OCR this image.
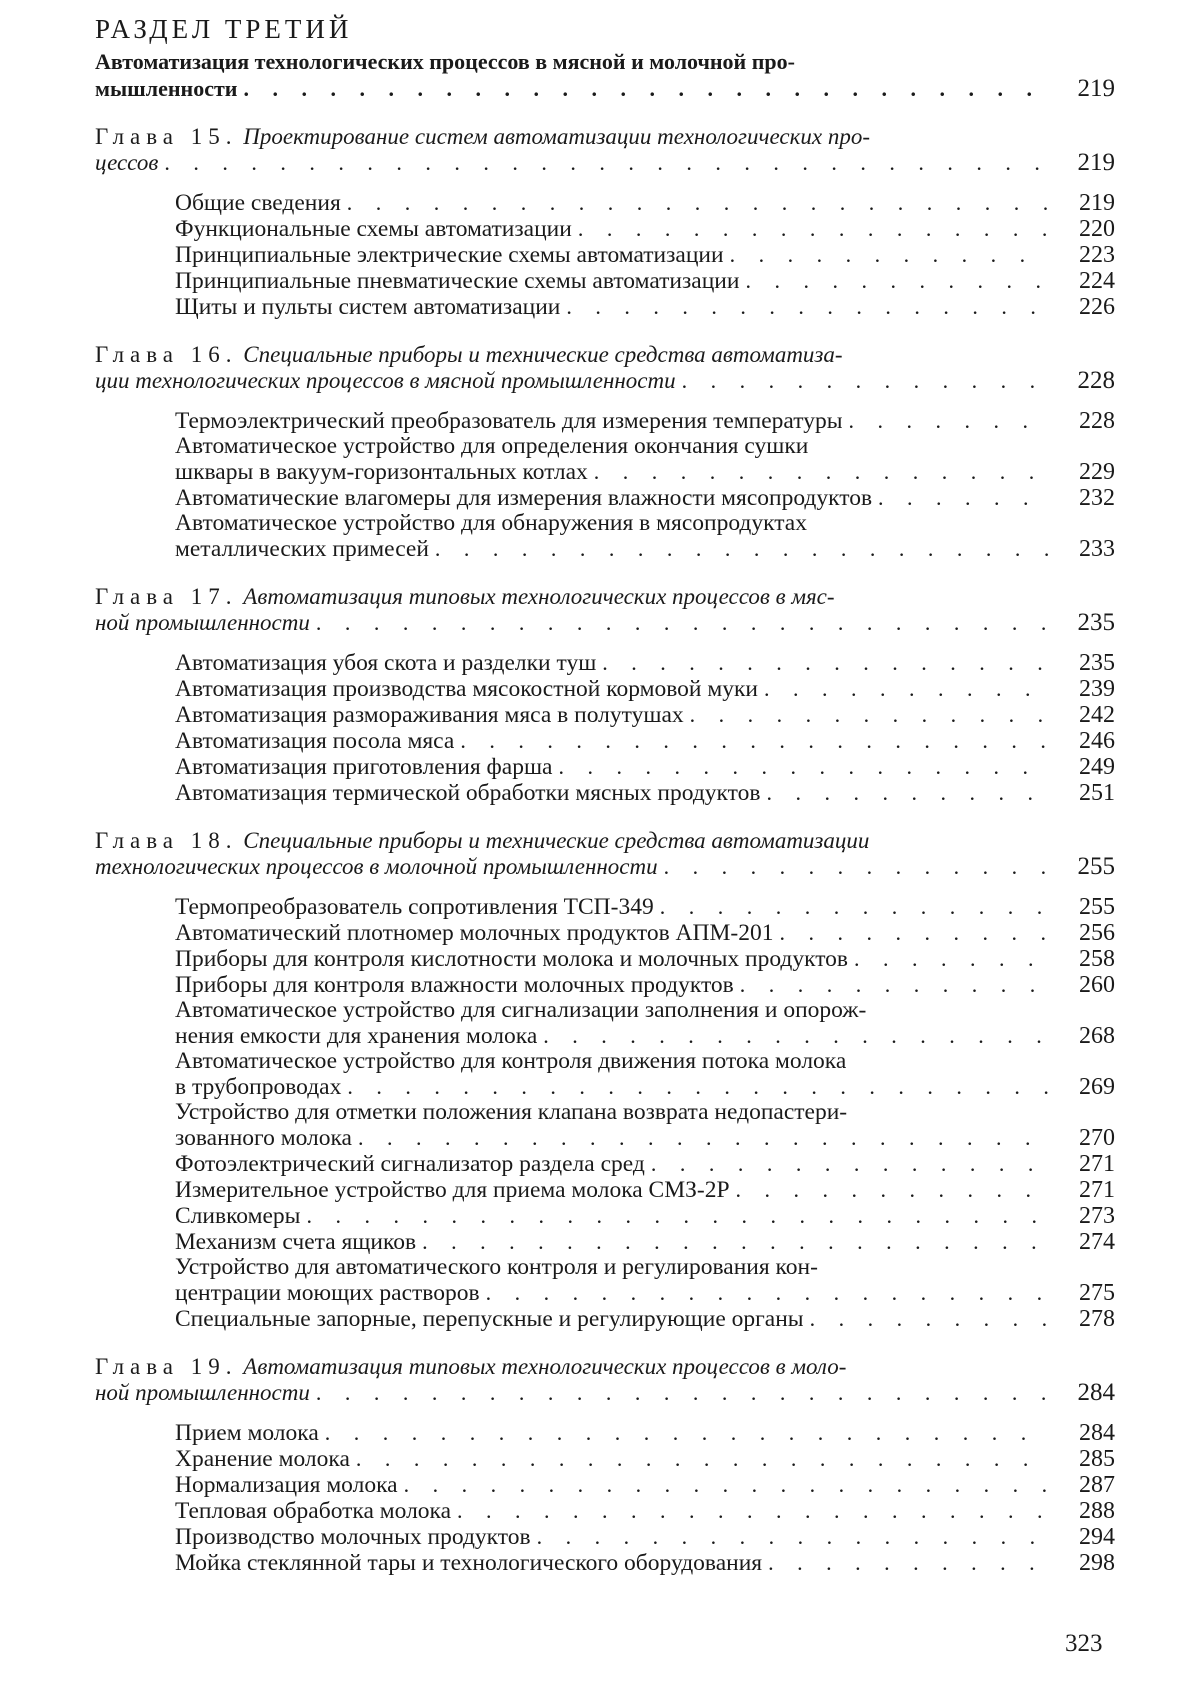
РАЗДЕЛ ТРЕТИЙ
Автоматизация технологических процессов в мясной и молочной про-
мышленности . . .	219
Глава 15. Проектирование систем автоматизации технологических про-
цессов . . .	219
Общие сведения . . .	219
Функциональные схемы автоматизации . . .	220
Принципиальные электрические схемы автоматизации . . .	223
Принципиальные пневматические схемы автоматизации . . .	224
Щиты и пульты систем автоматизации . . .	226
Глава 16. Специальные приборы и технические средства автоматиза-
ции технологических процессов в мясной промышленности . . .	228
Термоэлектрический преобразователь для измерения температуры . . .	228
Автоматическое устройство для определения окончания сушки
шквары в вакуум-горизонтальных котлах . . .	229
Автоматические влагомеры для измерения влажности мясопродуктов . . .	232
Автоматическое устройство для обнаружения в мясопродуктах
металлических примесей . . .	233
Глава 17. Автоматизация типовых технологических процессов в мяс-
ной промышленности . . .	235
Автоматизация убоя скота и разделки туш . . .	235
Автоматизация производства мясокостной кормовой муки . . .	239
Автоматизация размораживания мяса в полутушах . . .	242
Автоматизация посола мяса . . .	246
Автоматизация приготовления фарша . . .	249
Автоматизация термической обработки мясных продуктов . . .	251
Глава 18. Специальные приборы и технические средства автоматизации
технологических процессов в молочной промышленности . . .	255
Термопреобразователь сопротивления ТСП-349 . . .	255
Автоматический плотномер молочных продуктов АПМ-201 . . .	256
Приборы для контроля кислотности молока и молочных продуктов . . .	258
Приборы для контроля влажности молочных продуктов . . .	260
Автоматическое устройство для сигнализации заполнения и опорож-
нения емкости для хранения молока . . .	268
Автоматическое устройство для контроля движения потока молока
в трубопроводах . . .	269
Устройство для отметки положения клапана возврата недопастери-
зованного молока . . .	270
Фотоэлектрический сигнализатор раздела сред . . .	271
Измерительное устройство для приема молока СМЗ-2Р . . .	271
Сливкомеры . . .	273
Механизм счета ящиков . . .	274
Устройство для автоматического контроля и регулирования кон-
центрации моющих растворов . . .	275
Специальные запорные, перепускные и регулирующие органы . . .	278
Глава 19. Автоматизация типовых технологических процессов в моло-
ной промышленности . . .	284
Прием молока . . .	284
Хранение молока . . .	285
Нормализация молока . . .	287
Тепловая обработка молока . . .	288
Производство молочных продуктов . . .	294
Мойка стеклянной тары и технологического оборудования . . .	298
323
